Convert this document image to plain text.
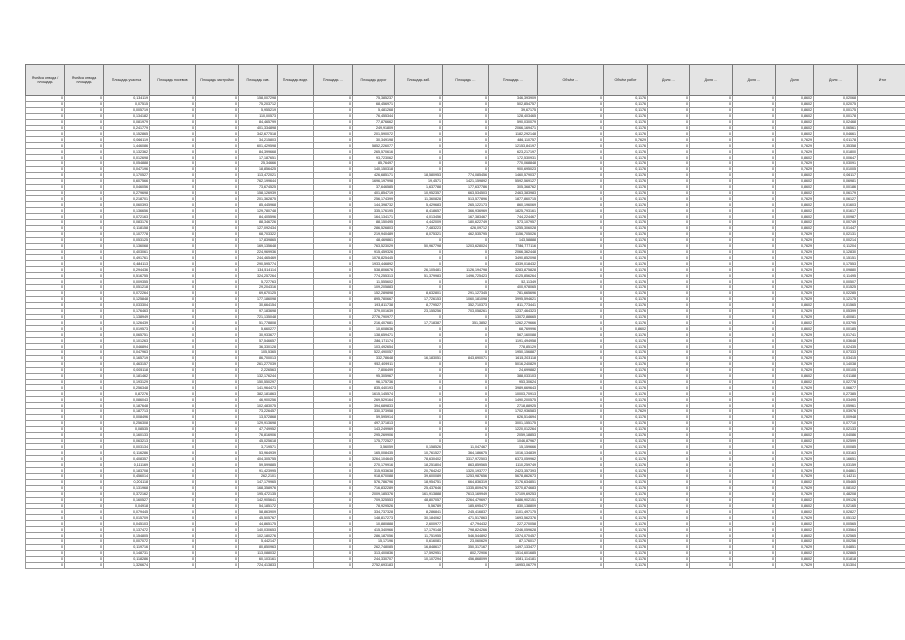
Ячейка отвода / площадь	Ячейка отвода площадь	Площадь участка	Площадь посевов	Площадь застройки	Площадь скв.	Площадь водн.	Площадь …	Площадь дорог	Площадь заб.	Площадь …	Площадь …	Объём …	Объём работ	Доля …	Доля …	Доля …	Доля	Доля …	Итог
0	0	0,134119	0	0	158,007298		0	75,385237	0	0	346,393909	0	0,1176	0	0	0	0,8602	0,02068	
0	0	0,07515	0	0	75,203712		0	68,456971	0	0	502,854757	0	0,1176	0	0	0	0,8602	0,02075	
0	0	0,005719	0	0	5,955219		0	5,481268	0	0	39,67175	0	0,1176	0	0	0	0,8602	0,00175	
0	0	0,134182	0	0	110,00573		0	76,455344	0	0	128,403465	0	0,1176	0	0	0	0,8602	0,00178	
0	0	0,081979	0	0	84,465799		0	77,876662	0	0	590,030079	0	0,1176	0	0	0	0,8602	0,02468	
0	0	0,241779	0	0	401,334898		0	249,91809	0	0	2066,169471	0	0,1176	0	0	0	0,8602	0,06561	
0	0	0,152865	0	0	342,677518		0	201,590072	0	0	1182,292148	0	0,1176	0	0	0	0,8602	0,04661	
0	0	0,066119	0	0	34,215803		0	30,349198	0	0	486,110757	0	0,7629	0	0	0	0,7629	0,01178	
0	0	1,446086	0	0	601,429598		0	5852,226077	0	0	12153,84197	0	0,1176	0	0	0	0,7629	0,35358	
0	0	0,132362	0	0	84,399668		0	265,570616	0	0	623,217197	0	0,1176	0	0	0	0,7629	0,01800	
0	0	0,012698	0	0	17,187651		0	93,723062	0	0	172,530931	0	0,1176	0	0	0	0,8602	0,00647	
0	0	0,054888	0	0	25,34666		0	85,76497	0	0	770,068848	0	0,1176	0	0	0	0,7629	0,03091	
0	0	0,047196	0	0	18,856425		0	140,150318	0	0	900,695023	0	0,1176	0	0	0	0,7629	0,01005	
0	0	0,170527	0	0	113,472021		0	426,685171	18,580953	774,085456	1460,579037	0	0,1176	0	0	0	0,8602	0,06117	
0	0	0,607566	0	0	762,199644		0	1696,197998	19,4571	1421,159892	5592,569127	0	0,1176	0	0	0	0,8602	0,06981	
0	0	0,046056	0	0	73,674525		0	37,646585	1,637788	177,637786	305,368762	0	0,1176	0	0	0	0,8602	0,00186	
0	0	0,279698	0	0	158,126939		0	401,854719	10,952357	663,534503	2463,383983	0	0,1176	0	0	0	0,8602	0,06179	
0	0	0,218701	0	0	201,362875		0	256,174399	11,360828	513,577896	1877,860715	0	0,1176	0	0	0	0,7629	0,06127	
0	0	0,060393	0	0	85,445968		0	144,398732	5,429683	265,122173	860,196069	0	0,1176	0	0	0	0,8602	0,01603	
0	0	0,136656	0	0	129,780748		0	335,176195	8,418657	366,936969	1825,793161	0	0,1176	0	0	0	0,8602	0,01617	
0	0	0,072163	0	0	84,405596		0	164,134171	4,013456	167,383467	744,224467	0	0,1176	0	0	0	0,8602	0,00987	
0	0	0,083176	0	0	88,346726		0	88,150495	4,442009	180,622749	573,107957	0	0,1176	0	0	0	0,8602	0,00749	
0	0	0,118158	0	0	127,092434		0	286,526803	7,483223	426,09712	1255,306028	0	0,1176	0	0	0	0,8602	0,01447	
0	0	0,107778	0	0	68,703322		0	219,940489	8,075321	462,535795	1156,705026	0	0,1176	0	0	0	0,7629	0,02131	
0	0	0,053125	0	0	17,839865		0	48,469861	0	0	143,58888	0	0,1176	0	0	0	0,7629	0,00214	
0	0	0,136068	0	0	169,135648		0	763,523029	50,967798	1203,628024	7786,777116	0	0,1176	0	0	0	0,7629	0,11204	
0	0	0,403061	0	0	224,969936		0	915,459326	0	0	2066,362448	0	0,1176	0	0	0	0,7629	0,12830	
0	0	0,491761	0	0	244,465469		0	1078,825445	0	0	3490,852098	0	0,1176	0	0	0	0,7629	0,15151	
0	0	0,484113	0	0	290,595774		0	1933,446892	0	0	4339,018432	0	0,1176	0	0	0	0,7629	0,17553	
0	0	0,294436	0	0	134,514114		0	538,806676	26,105481	1126,194798	3283,875828	0	0,1176	0	0	0	0,7629	0,09880	
0	0	0,516755	0	0	324,257264		0	774,255313	51,379983	1496,725423	4125,856264	0	0,1176	0	0	0	0,7629	0,11495	
0	0	0,009355	0	0	5,727763		0	11,555602	0	0	52,11349	0	0,1176	0	0	0	0,7629	0,00507	
0	0	0,051218	0	0	29,204316		0	109,205883	0	0	400,978065	0	0,1176	0	0	0	0,7629	0,01525	
0	0	0,072264	0	0	69,670125		0	152,289898	8,632801	291,127345	781,665696	0	0,1176	0	0	0	0,7629	0,02285	
0	0	0,125848	0	0	177,186098		0	895,780667	17,726153	1060,181098	3995,594621	0	0,1176	0	0	0	0,7629	0,12175	
0	0	0,033304	0	0	30,664154		0	193,811738	8,779527	352,710373	811,773441	0	0,1176	0	0	0	0,8602	0,01565	
0	0	0,176463	0	0	97,183698		0	379,001639	23,155256	703,058261	1237,464323	0	0,1176	0	0	0	0,7629	0,05399	
0	0	1,138949	0	0	721,135048		0	2776,790977	0	0	13072,88665	0	0,1176	0	0	0	0,7629	0,40081	
0	0	0,126439	0	0	51,778808		0	216,407681	17,718387	351,3852	1262,279666	0	0,1176	0	0	0	0,8602	0,03795	
0	0	0,019573	0	0	5,660277		0	10,608636	0	0	68,769996	0	0,8602	0	0	0	0,8602	0,00185	
0	0	0,065751	0	0	30,933677		0	138,659471	0	0	567,160088	0	0,1176	0	0	0	0,7629	0,01741	
0	0	0,101263	0	0	57,546657		0	286,171174	0	0	1191,494958	0	0,1176	0	0	0	0,7629	0,03648	
0	0	0,046894	0	0	36,330128		0	103,492654	0	0	778,85129	0	0,1176	0	0	0	0,7629	0,02435	
0	0	0,047963	0	0	105,5365		0	522,490057	0	0	1950,156887	0	0,1176	0	0	0	0,7629	0,07333	
0	0	0,165719	0	0	86,700013		0	332,78648	16,183051	843,690071	1615,203118	0	0,1176	0	0	0	0,7629	0,03415	
0	0	0,463157	0	0	261,277039		0	952,409911	0	0	5016,240829	0	0,1176	0	0	0	0,7629	0,14038	
0	0	0,005118	0	0	2,226563		0	7,806499	0	0	24,699882	0	0,1176	0	0	0	0,7629	0,00105	
0	0	0,181462	0	0	132,176244		0	95,305967	0	0	388,033103	0	0,1176	0	0	0	0,8602	0,01188	
0	0	0,193129	0	0	150,550297		0	96,175736	0	0	953,30624	0	0,1176	0	0	0	0,8602	0,02778	
0	0	0,256348	0	0	141,964473		0	835,440193	0	0	3989,669643	0	0,1176	0	0	0	0,7629	0,06677	
0	0	0,87276	0	0	382,181863		0	1615,145574	0	0	10003,70913	0	0,1176	0	0	0	0,7629	0,27385	
0	0	0,086043	0	0	46,900256		0	269,529164	0	0	1490,200575	0	0,1176	0	0	0	0,7629	0,03495	
0	0	0,187648	0	0	102,483075		0	394,689833	0	0	2718,88925	0	0,1176	0	0	0	0,7629	0,05961	
0	0	0,187713	0	0	73,226457		0	330,373958	0	0	1702,936583	0	0,7629	0	0	0	0,7629	0,03976	
0	0	0,008496	0	0	13,572868		0	59,595914	0	0	626,514694	0	0,1176	0	0	0	0,7629	0,00948	
0	0	0,256308	0	0	129,913698		0	497,371813	0	0	3001,155175	0	0,1176	0	0	0	0,7629	0,07710	
0	0	0,08535	0	0	47,749952		0	143,249969	0	0	1220,012264	0	0,1176	0	0	0	0,7629	0,02133	
0	0	0,160133	0	0	76,816906		0	295,269906	0	0	2059,18853	0	0,1176	0	0	0	0,8602	0,04086	
0	0	0,063213	0	0	45,025618		0	175,772527	0	0	1046,87967	0	0,1176	0	0	0	0,8602	0,02599	
0	0	0,003134	0	0	3,719571		0	3,56059	0,158526	11,047467	15,159666	0	0,1176	0	0	0	0,7629	0,00085	
0	0	0,116286	0	0	53,964939		0	165,008435	10,761527	364,186675	1016,134839	0	0,1176	0	0	0	0,7629	0,03163	
0	0	0,408357	0	0	404,305755		0	3264,104645	78,630402	3317,972503	6373,059962	0	0,1176	0	0	0	0,7629	0,16651	
0	0	0,111169	0	0	59,599885		0	270,179916	18,251804	863,859565	1110,259749	0	0,1176	0	0	0	0,7629	0,03159	
0	0	0,183708	0	0	91,423995		0	315,933638	20,764242	1320,193777	2423,357393	0	0,1176	0	0	0	0,7629	0,04861	
0	0	0,456014	0	0	262,2101		0	918,670088	39,600089	1253,987656	5678,862673	0	0,1176	0	0	0	0,7629	0,14211	
0	0	0,201118	0	0	147,179965		0	576,786796	18,954751	664,836319	2176,634851	0	0,1176	0	0	0	0,8602	0,05465	
0	0	0,131968	0	0	168,358976		0	716,832289	25,437646	1335,809476	3270,874683	0	0,1176	0	0	0	0,7629	0,08102	
0	0	0,372162	0	0	195,472135		0	2009,185376	161,913888	7613,169949	17109,69253	0	0,1176	0	0	0	0,7629	0,48208	
0	0	0,160527	0	0	142,905641		0	709,325553	48,807057	2264,479697	5486,902151	0	0,1176	0	0	0	0,8602	0,09126	
0	0	0,04918	0	0	54,185172		0	78,929526	5,56789	185,695477	830,138809	0	0,1176	0	0	0	0,8602	0,02165	
0	0	0,079445	0	0	58,863909		0	334,737328	8,286841	245,416837	1101,497175	0	0,1176	0	0	0	0,8602	0,02827	
0	0	0,015709	0	0	45,505767		0	148,817273	30,184062	471,517863	1693,562376	0	0,1176	0	0	0	0,7629	0,05132	
0	0	0,045103	0	0	44,865175		0	10,880888	2,600977	47,794432	227,270058	0	0,1176	0	0	0	0,8602	0,00565	
0	0	0,137472	0	0	140,030653		0	415,340966	17,179148	798,824266	2246,059628	0	0,1176	0	0	0	0,8602	0,03564	
0	0	0,154805	0	0	102,180276		0	286,187056	11,751955	546,544892	1574,070457	0	0,1176	0	0	0	0,8602	0,02565	
0	0	0,007072	0	0	5,442147		0	15,17196	0,616081	23,060629	87,176017	0	0,1176	0	0	0	0,8602	0,00256	
0	0	0,119716	0	0	80,850963		0	262,748085	16,848617	350,317167	1497,133477	0	0,1176	0	0	0	0,7629	0,04851	
0	0	0,148731	0	0	113,088032		0	313,400836	17,592951	802,72906	1514,601685	0	0,1176	0	0	0	0,8602	0,02865	
0	0	0,118286	0	0	60,103161		0	244,330707	10,107294	456,868099	1081,114181	0	0,1176	0	0	0	0,8602	0,01818	
0	0	1,326674	0	0	724,413833		0	2752,693183	0	0	16953,06779	0	0,1176	0	0	0	0,7629	0,51304	
